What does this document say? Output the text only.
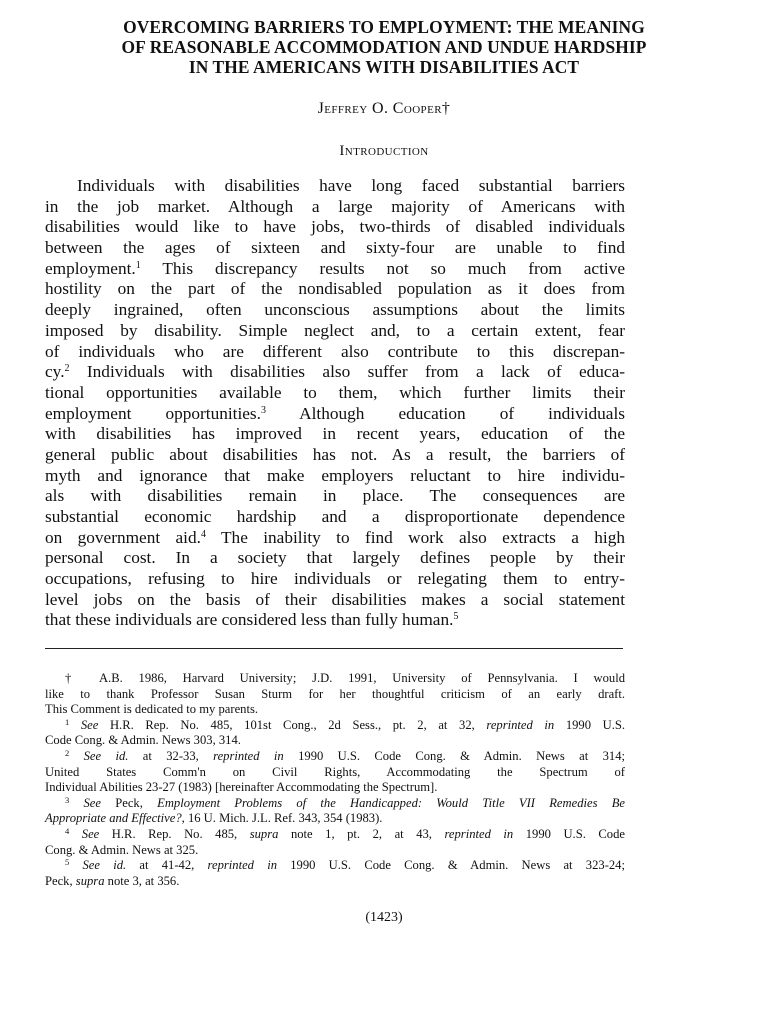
OVERCOMING BARRIERS TO EMPLOYMENT: THE MEANING
OF REASONABLE ACCOMMODATION AND UNDUE HARDSHIP
IN THE AMERICANS WITH DISABILITIES ACT
Jeffrey O. Cooper†
Introduction
Individuals with disabilities have long faced substantial barriers
in the job market. Although a large majority of Americans with
disabilities would like to have jobs, two-thirds of disabled individuals
between the ages of sixteen and sixty-four are unable to find
employment.$^1$ This discrepancy results not so much from active
hostility on the part of the nondisabled population as it does from
deeply ingrained, often unconscious assumptions about the limits
imposed by disability. Simple neglect and, to a certain extent, fear
of individuals who are different also contribute to this discrepan-
cy.$^2$ Individuals with disabilities also suffer from a lack of educa-
tional opportunities available to them, which further limits their
employment opportunities.$^3$ Although education of individuals
with disabilities has improved in recent years, education of the
general public about disabilities has not. As a result, the barriers of
myth and ignorance that make employers reluctant to hire individu-
als with disabilities remain in place. The consequences are
substantial economic hardship and a disproportionate dependence
on government aid.$^4$ The inability to find work also extracts a high
personal cost. In a society that largely defines people by their
occupations, refusing to hire individuals or relegating them to entry-
level jobs on the basis of their disabilities makes a social statement
that these individuals are considered less than fully human.$^5$
† A.B. 1986, Harvard University; J.D. 1991, University of Pennsylvania. I would
like to thank Professor Susan Sturm for her thoughtful criticism of an early draft.
This Comment is dedicated to my parents.
$^1$ See H.R. Rep. No. 485, 101st Cong., 2d Sess., pt. 2, at 32, reprinted in 1990 U.S.
Code Cong. & Admin. News 303, 314.
$^2$ See id. at 32-33, reprinted in 1990 U.S. Code Cong. & Admin. News at 314;
United States Comm'n on Civil Rights, Accommodating the Spectrum of
Individual Abilities 23-27 (1983) [hereinafter Accommodating the Spectrum].
$^3$ See Peck, Employment Problems of the Handicapped: Would Title VII Remedies Be
Appropriate and Effective?, 16 U. Mich. J.L. Ref. 343, 354 (1983).
$^4$ See H.R. Rep. No. 485, supra note 1, pt. 2, at 43, reprinted in 1990 U.S. Code
Cong. & Admin. News at 325.
$^5$ See id. at 41-42, reprinted in 1990 U.S. Code Cong. & Admin. News at 323-24;
Peck, supra note 3, at 356.
(1423)
